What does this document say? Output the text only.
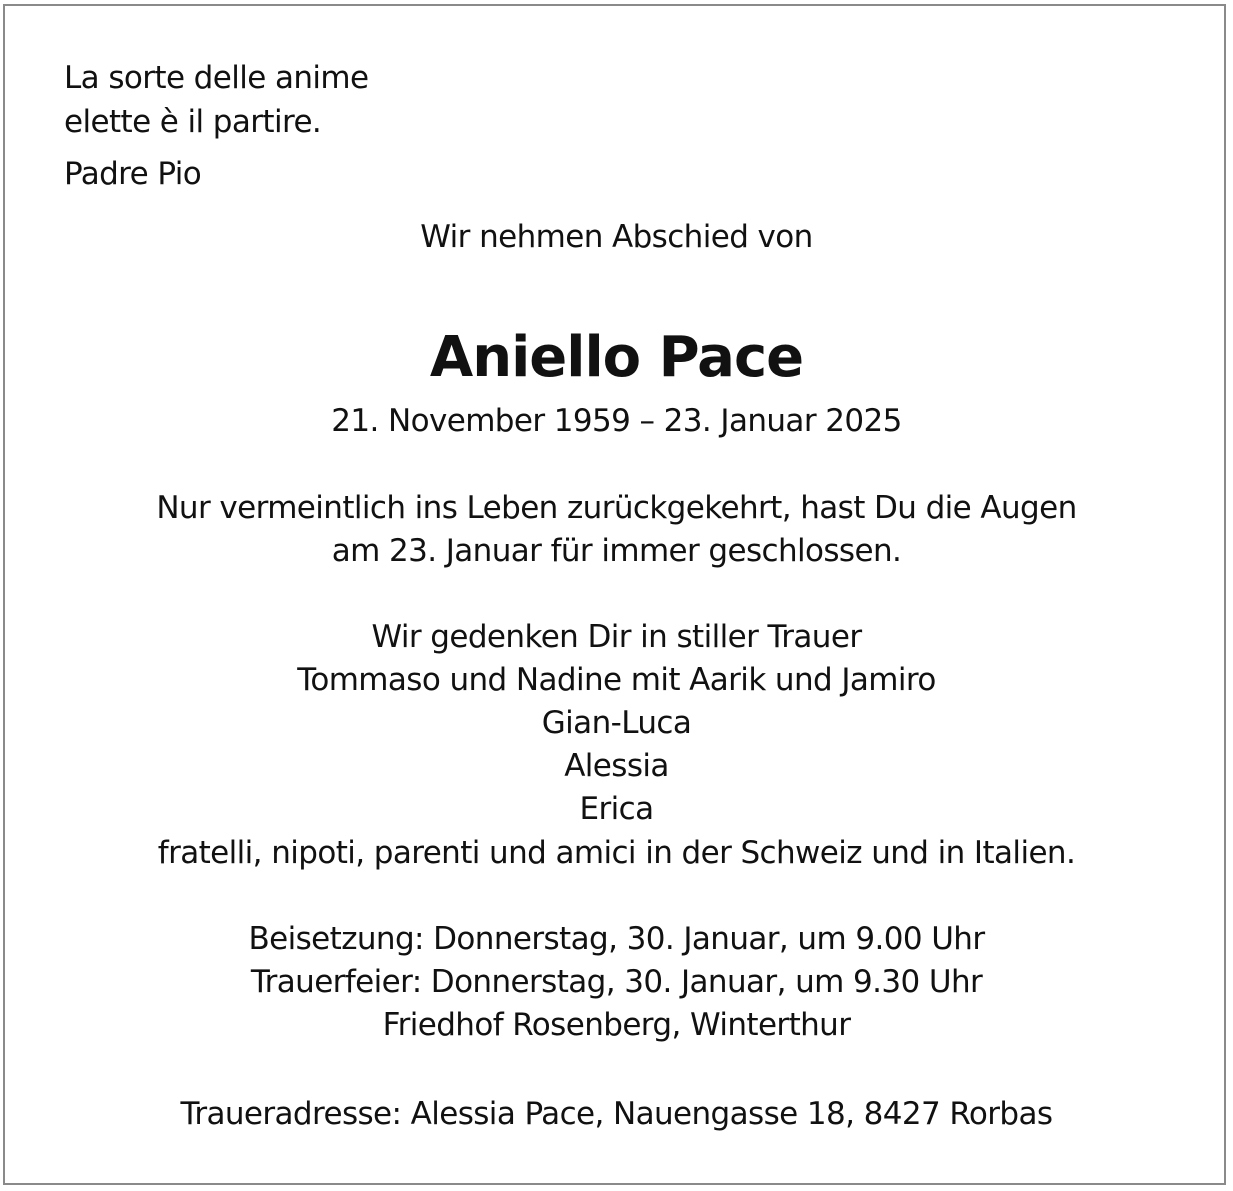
La sorte delle anime
elette è il partire.
Padre Pio
Wir nehmen Abschied von
Aniello Pace
21. November 1959 – 23. Januar 2025
Nur vermeintlich ins Leben zurückgekehrt, hast Du die Augen
am 23. Januar für immer geschlossen.
Wir gedenken Dir in stiller Trauer
Tommaso und Nadine mit Aarik und Jamiro
Gian-Luca
Alessia
Erica
fratelli, nipoti, parenti und amici in der Schweiz und in Italien.
Beisetzung: Donnerstag, 30. Januar, um 9.00 Uhr
Trauerfeier: Donnerstag, 30. Januar, um 9.30 Uhr
Friedhof Rosenberg, Winterthur
Traueradresse: Alessia Pace, Nauengasse 18, 8427 Rorbas
